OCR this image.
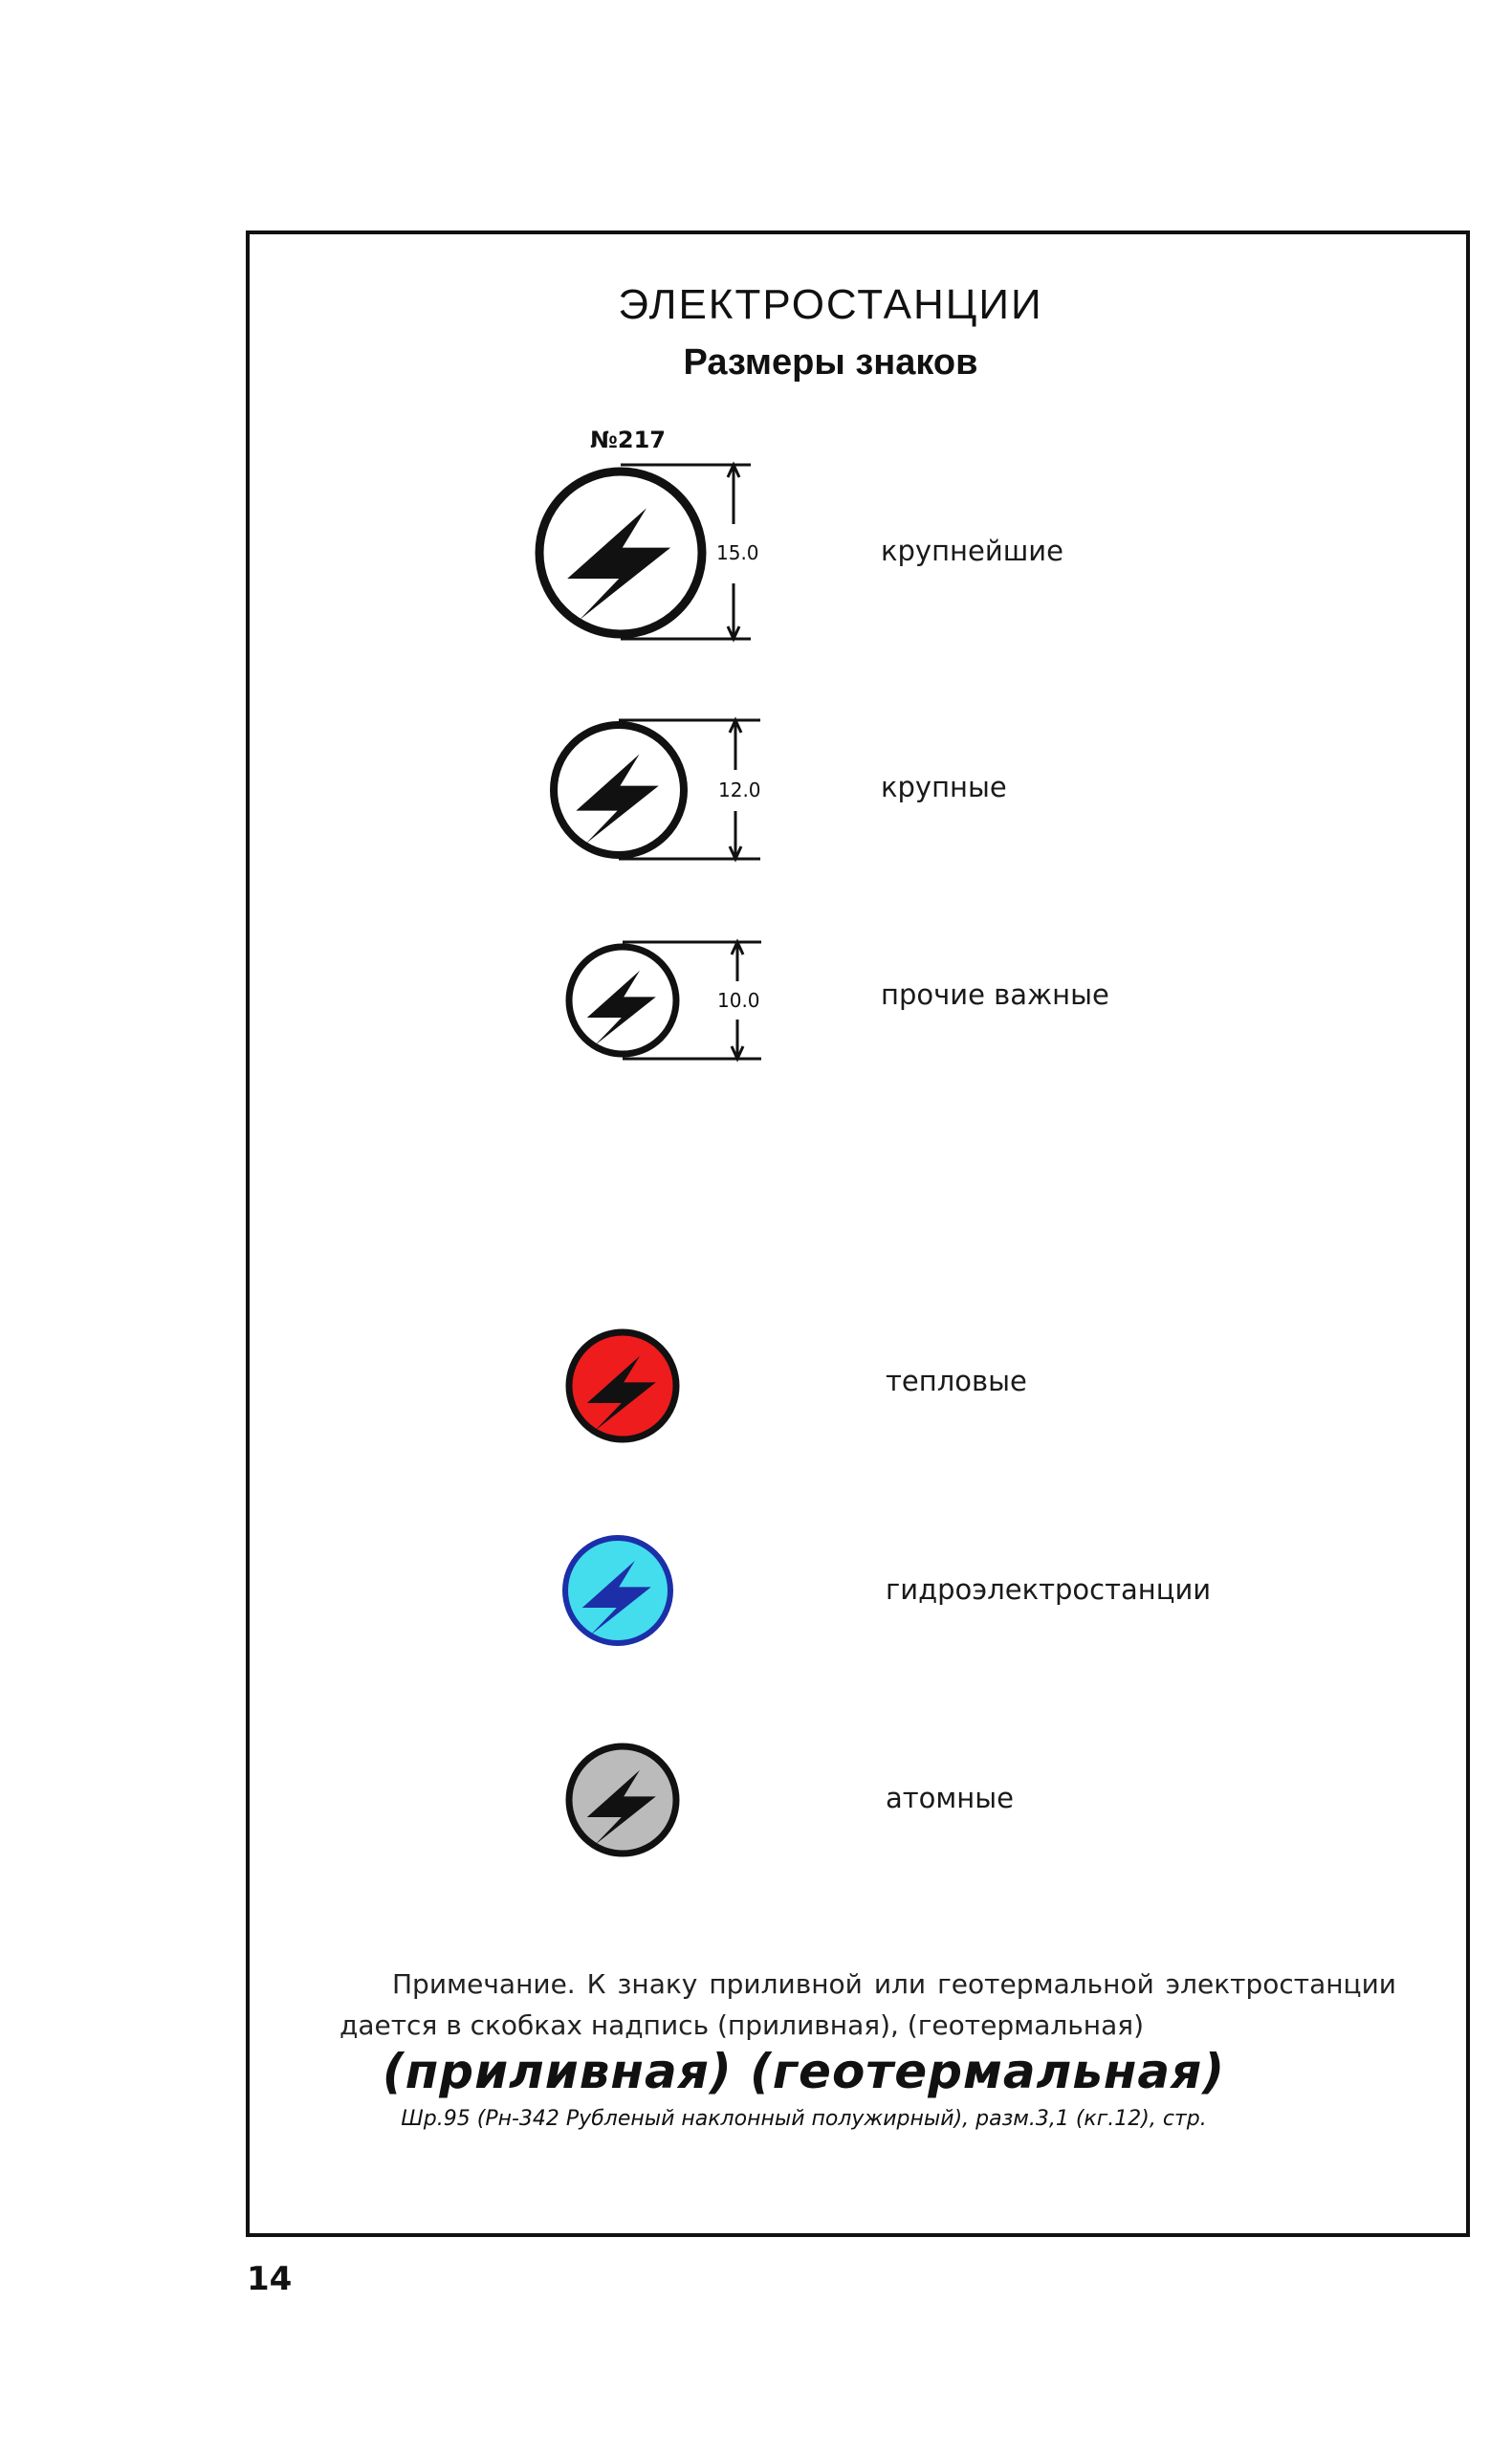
ЭЛЕКТРОСТАНЦИИ
Размеры знаков
№217
15.0
12.0
10.0
крупнейшие
крупные
прочие важные
тепловые
гидроэлектростанции
атомные
Примечание. К знаку приливной или геотермальной электростанции дается в скобках надпись (приливная), (геотермальная)
(приливная) (геотермальная)
Шр.95 (Рн-342 Рубленый наклонный полужирный), разм.3,1 (кг.12), стр.
14
